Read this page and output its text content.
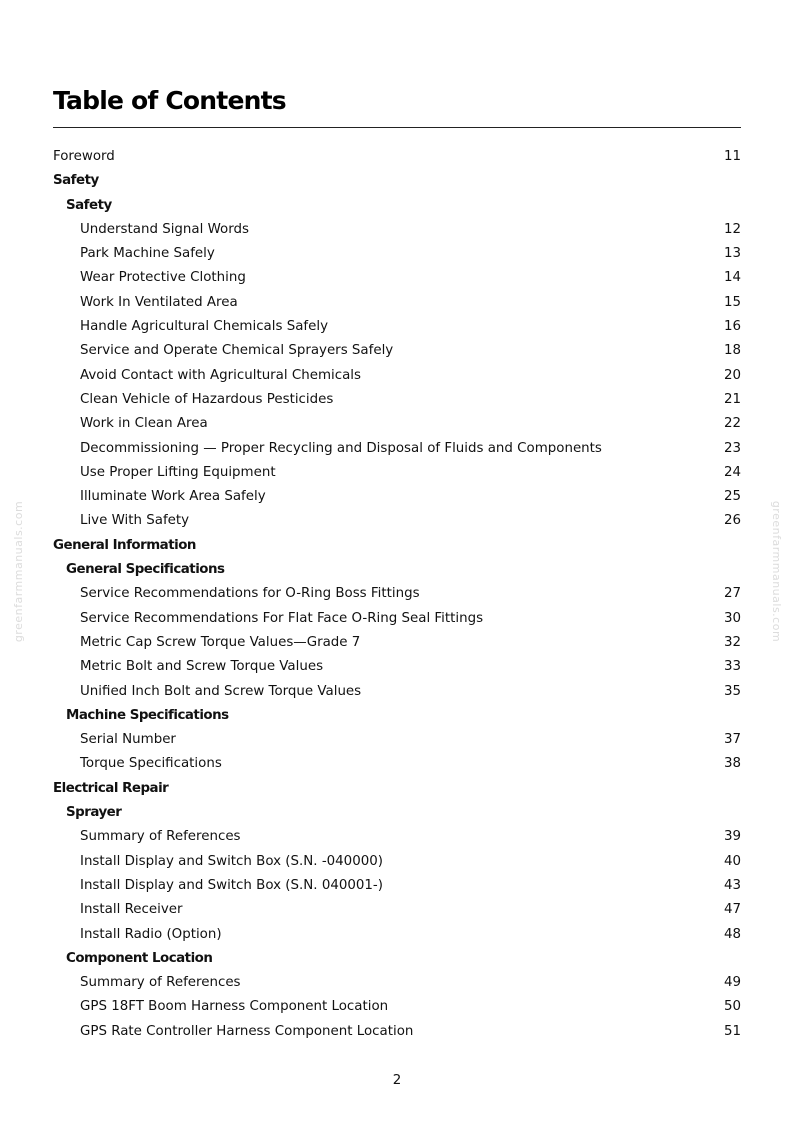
Table of Contents
greenfarmmanuals.com	greenfarmmanuals.com
Foreword	11
Safety
Safety
Understand Signal Words	12
Park Machine Safely	13
Wear Protective Clothing	14
Work In Ventilated Area	15
Handle Agricultural Chemicals Safely	16
Service and Operate Chemical Sprayers Safely	18
Avoid Contact with Agricultural Chemicals	20
Clean Vehicle of Hazardous Pesticides	21
Work in Clean Area	22
Decommissioning — Proper Recycling and Disposal of Fluids and Components	23
Use Proper Lifting Equipment	24
Illuminate Work Area Safely	25
Live With Safety	26
General Information
General Specifications
Service Recommendations for O-Ring Boss Fittings	27
Service Recommendations For Flat Face O-Ring Seal Fittings	30
Metric Cap Screw Torque Values—Grade 7	32
Metric Bolt and Screw Torque Values	33
Unified Inch Bolt and Screw Torque Values	35
Machine Specifications
Serial Number	37
Torque Specifications	38
Electrical Repair
Sprayer
Summary of References	39
Install Display and Switch Box (S.N. -040000)	40
Install Display and Switch Box (S.N. 040001-)	43
Install Receiver	47
Install Radio (Option)	48
Component Location
Summary of References	49
GPS 18FT Boom Harness Component Location	50
GPS Rate Controller Harness Component Location	51
2
